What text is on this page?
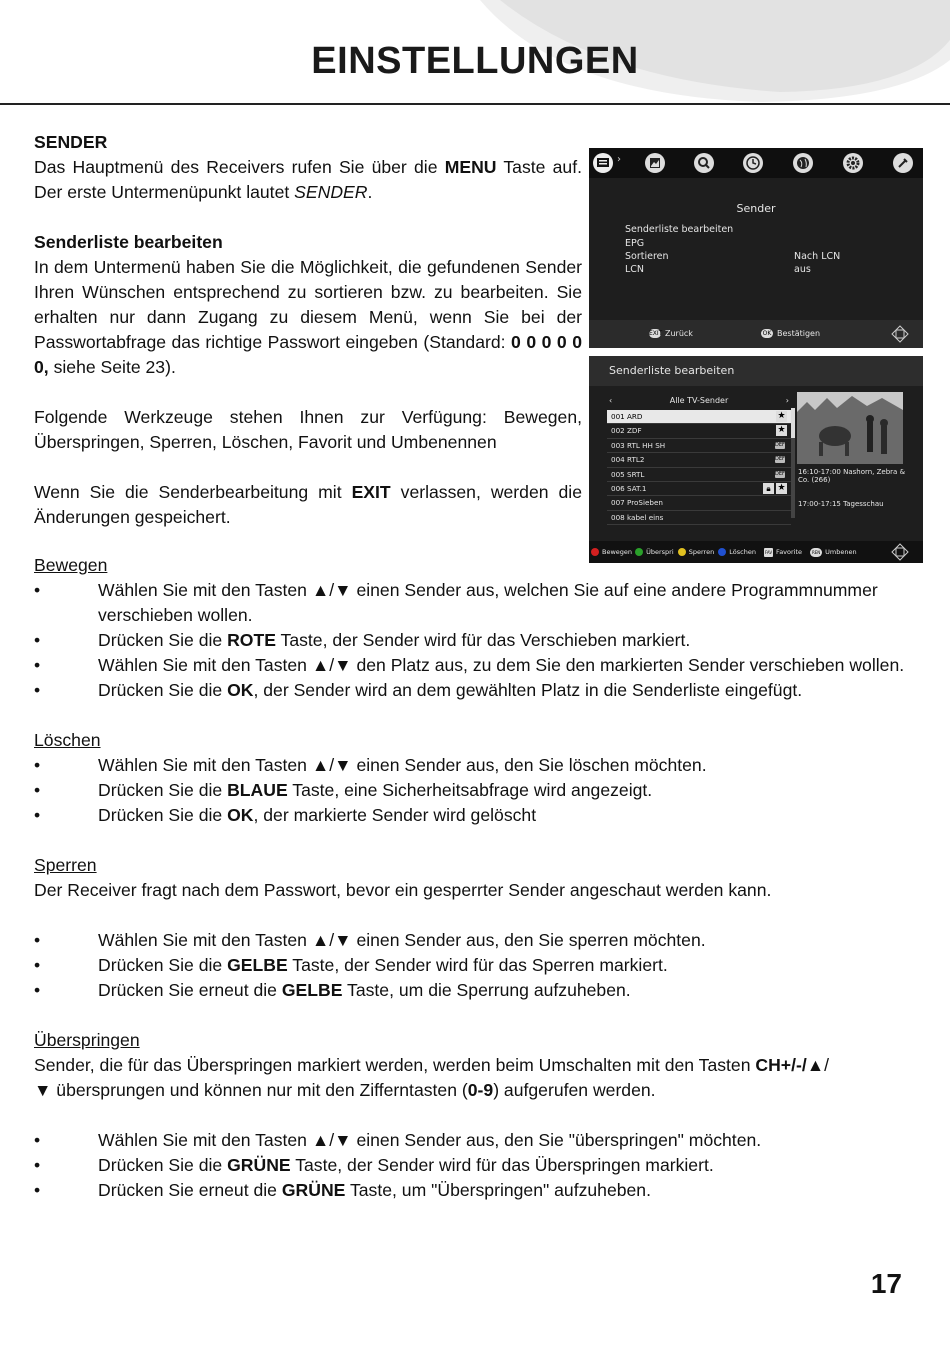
EINSTELLUNGEN

SENDER

Das Hauptmenü des Receivers rufen Sie über die MENU Taste auf. Der erste Untermenüpunkt lautet SENDER.

Senderliste bearbeiten

In dem Untermenü haben Sie die Möglichkeit, die gefundenen Sender Ihren Wünschen entsprechend zu sortieren bzw. zu bearbeiten. Sie erhalten nur dann Zugang zu diesem Menü, wenn Sie bei der Passwortabfrage das richtige Passwort eingeben (Standard: 0 0 0 0 0 0, siehe Seite 23).

Folgende Werkzeuge stehen Ihnen zur Verfügung: Bewegen, Überspringen, Sperren, Löschen, Favorit und Umbenennen

Wenn Sie die Senderbearbeitung mit EXIT verlassen, werden die Änderungen gespeichert.

›
Sender
Senderliste bearbeiten
EPG
Sortieren	Nach LCN
LCN	aus
EXIT Zurück	OK Bestätigen
Senderliste bearbeiten
‹	Alle TV-Sender	›
001 ARD	★
002 ZDF	★
003 RTL HH SH	DEF
004 RTL2	DEF
005 SRTL	DEF
006 SAT.1	🔒︎ ★
007 ProSieben
008 kabel eins
16:10-17:00 Nashorn, Zebra & Co. (266)
17:00-17:15 Tagesschau
Bewegen Überspri Sperren Löschen FAV Favorite REN Umbenen

Bewegen

•	Wählen Sie mit den Tasten ▲/▼ einen Sender aus, welchen Sie auf eine andere Programmnummer verschieben wollen.
•	Drücken Sie die ROTE Taste, der Sender wird für das Verschieben markiert.
•	Wählen Sie mit den Tasten ▲/▼ den Platz aus, zu dem Sie den markierten Sender verschieben wollen.
•	Drücken Sie die OK, der Sender wird an dem gewählten Platz in die Senderliste eingefügt.

Löschen

•	Wählen Sie mit den Tasten ▲/▼ einen Sender aus, den Sie löschen möchten.
•	Drücken Sie die BLAUE Taste, eine Sicherheitsabfrage wird angezeigt.
•	Drücken Sie die OK, der markierte Sender wird gelöscht

Sperren

Der Receiver fragt nach dem Passwort, bevor ein gesperrter Sender angeschaut werden kann.

•	Wählen Sie mit den Tasten ▲/▼ einen Sender aus, den Sie sperren möchten.
•	Drücken Sie die GELBE Taste, der Sender wird für das Sperren markiert.
•	Drücken Sie erneut die GELBE Taste, um die Sperrung aufzuheben.

Überspringen

Sender, die für das Überspringen markiert werden, werden beim Umschalten mit den Tasten CH+/-/▲/
▼ übersprungen und können nur mit den Zifferntasten (0-9) aufgerufen werden.

•	Wählen Sie mit den Tasten ▲/▼ einen Sender aus, den Sie "überspringen" möchten.
•	Drücken Sie die GRÜNE Taste, der Sender wird für das Überspringen markiert.
•	Drücken Sie erneut die GRÜNE Taste, um "Überspringen" aufzuheben.
17
